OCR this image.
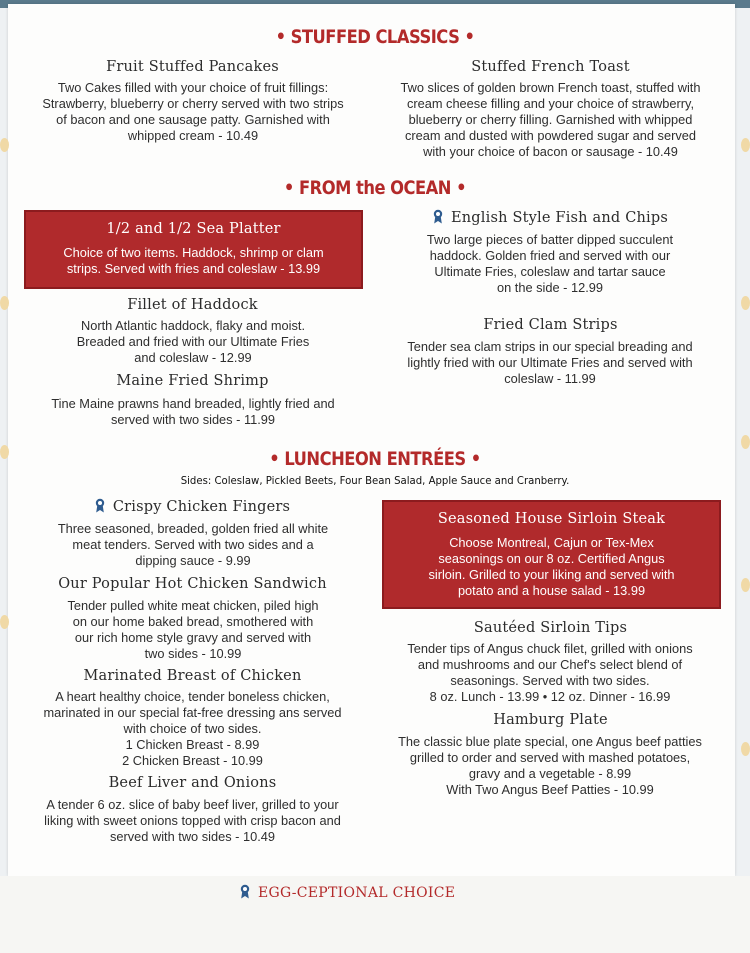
• STUFFED CLASSICS •
Fruit Stuffed Pancakes
Two Cakes filled with your choice of fruit fillings:
Strawberry, blueberry or cherry served with two strips
of bacon and one sausage patty. Garnished with
whipped cream - 10.49
Stuffed French Toast
Two slices of golden brown French toast, stuffed with
cream cheese filling and your choice of strawberry,
blueberry or cherry filling. Garnished with whipped
cream and dusted with powdered sugar and served
with your choice of bacon or sausage - 10.49
• FROM the OCEAN •
1/2 and 1/2 Sea Platter
Choice of two items. Haddock, shrimp or clam
strips. Served with fries and coleslaw - 13.99
English Style Fish and Chips
Two large pieces of batter dipped succulent
haddock. Golden fried and served with our
Ultimate Fries, coleslaw and tartar sauce
on the side - 12.99
Fillet of Haddock
North Atlantic haddock, flaky and moist.
Breaded and fried with our Ultimate Fries
and coleslaw - 12.99
Fried Clam Strips
Tender sea clam strips in our special breading and
lightly fried with our Ultimate Fries and served with
coleslaw - 11.99
Maine Fried Shrimp
Tine Maine prawns hand breaded, lightly fried and
served with two sides - 11.99
• LUNCHEON ENTRÉES •
Sides: Coleslaw, Pickled Beets, Four Bean Salad, Apple Sauce and Cranberry.
Crispy Chicken Fingers
Three seasoned, breaded, golden fried all white
meat tenders. Served with two sides and a
dipping sauce - 9.99
Seasoned House Sirloin Steak
Choose Montreal, Cajun or Tex-Mex
seasonings on our 8 oz. Certified Angus
sirloin. Grilled to your liking and served with
potato and a house salad - 13.99
Our Popular Hot Chicken Sandwich
Tender pulled white meat chicken, piled high
on our home baked bread, smothered with
our rich home style gravy and served with
two sides - 10.99
Sautéed Sirloin Tips
Tender tips of Angus chuck filet, grilled with onions
and mushrooms and our Chef's select blend of
seasonings. Served with two sides.
8 oz. Lunch - 13.99 • 12 oz. Dinner - 16.99
Marinated Breast of Chicken
A heart healthy choice, tender boneless chicken,
marinated in our special fat-free dressing ans served
with choice of two sides.
1 Chicken Breast - 8.99
2 Chicken Breast - 10.99
Hamburg Plate
The classic blue plate special, one Angus beef patties
grilled to order and served with mashed potatoes,
gravy and a vegetable - 8.99
With Two Angus Beef Patties - 10.99
Beef Liver and Onions
A tender 6 oz. slice of baby beef liver, grilled to your
liking with sweet onions topped with crisp bacon and
served with two sides - 10.49
EGG-CEPTIONAL CHOICE
